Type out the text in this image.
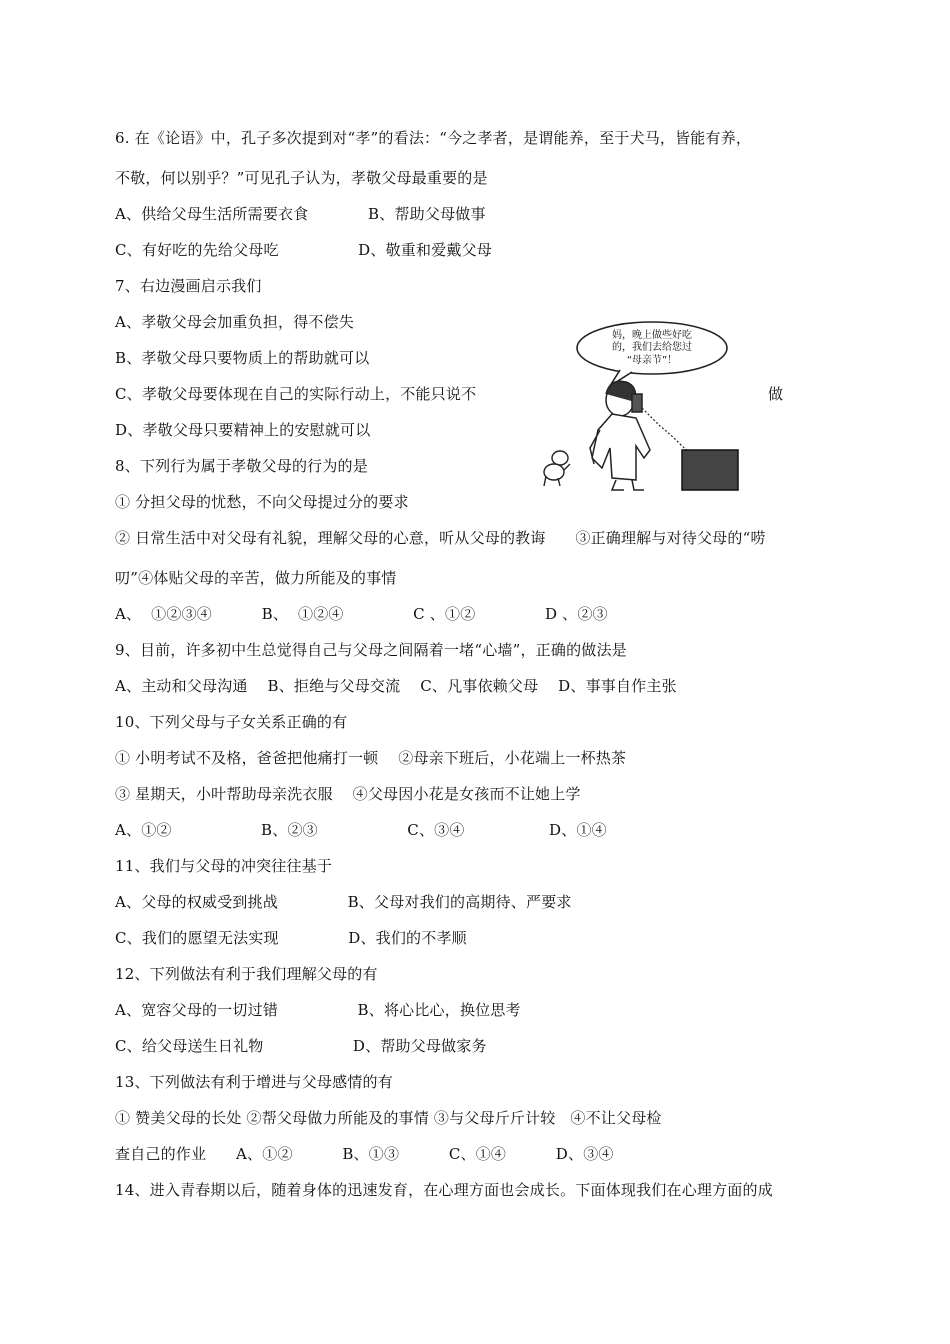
6. 在《论语》中，孔子多次提到对“孝”的看法：“今之孝者，是谓能养，至于犬马，皆能有养，
不敬，何以别乎？”可见孔子认为，孝敬父母最重要的是
A、供给父母生活所需要衣食            B、帮助父母做事
C、有好吃的先给父母吃                D、敬重和爱戴父母
7、右边漫画启示我们
A、孝敬父母会加重负担，得不偿失
B、孝敬父母只要物质上的帮助就可以
C、孝敬父母要体现在自己的实际行动上，不能只说不	做
D、孝敬父母只要精神上的安慰就可以
8、下列行为属于孝敬父母的行为的是
① 分担父母的忧愁，不向父母提过分的要求
② 日常生活中对父母有礼貌，理解父母的心意，听从父母的教诲      ③正确理解与对待父母的“唠
叨”④体贴父母的辛苦，做力所能及的事情
A、  ①②③④          B、  ①②④              C 、①②              D 、②③
9、目前，许多初中生总觉得自己与父母之间隔着一堵“心墙”，正确的做法是
A、主动和父母沟通    B、拒绝与父母交流    C、凡事依赖父母    D、事事自作主张
10、下列父母与子女关系正确的有
① 小明考试不及格，爸爸把他痛打一顿    ②母亲下班后，小花端上一杯热茶
③ 星期天，小叶帮助母亲洗衣服    ④父母因小花是女孩而不让她上学
A、①②                  B、②③                  C、③④                 D、①④
11、我们与父母的冲突往往基于
A、父母的权威受到挑战              B、父母对我们的高期待、严要求
C、我们的愿望无法实现              D、我们的不孝顺
12、下列做法有利于我们理解父母的有
A、宽容父母的一切过错                B、将心比心，换位思考
C、给父母送生日礼物                  D、帮助父母做家务
13、下列做法有利于增进与父母感情的有
① 赞美父母的长处 ②帮父母做力所能及的事情 ③与父母斤斤计较   ④不让父母检
查自己的作业      A、①②          B、①③          C、①④          D、③④
14、进入青春期以后，随着身体的迅速发育，在心理方面也会成长。下面体现我们在心理方面的成
妈，晚上做些好吃
的，我们去给您过
“母亲节”！
